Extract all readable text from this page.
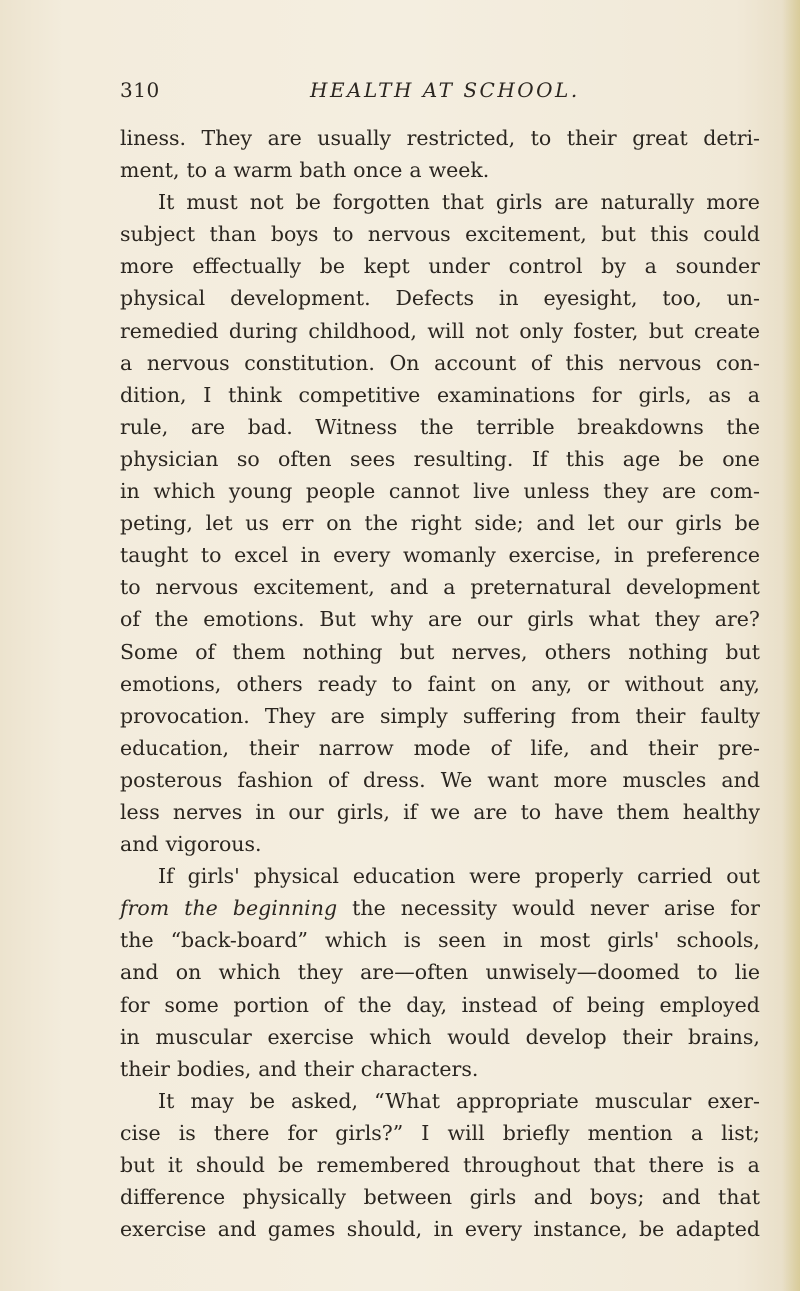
310	HEALTH AT SCHOOL.
liness. They are usually restricted, to their great detri-
ment, to a warm bath once a week.
It must not be forgotten that girls are naturally more
subject than boys to nervous excitement, but this could
more effectually be kept under control by a sounder
physical development. Defects in eyesight, too, un-
remedied during childhood, will not only foster, but create
a nervous constitution. On account of this nervous con-
dition, I think competitive examinations for girls, as a
rule, are bad. Witness the terrible breakdowns the
physician so often sees resulting. If this age be one
in which young people cannot live unless they are com-
peting, let us err on the right side; and let our girls be
taught to excel in every womanly exercise, in preference
to nervous excitement, and a preternatural development
of the emotions. But why are our girls what they are?
Some of them nothing but nerves, others nothing but
emotions, others ready to faint on any, or without any,
provocation. They are simply suffering from their faulty
education, their narrow mode of life, and their pre-
posterous fashion of dress. We want more muscles and
less nerves in our girls, if we are to have them healthy
and vigorous.
If girls' physical education were properly carried out
from the beginning the necessity would never arise for
the “back-board” which is seen in most girls' schools,
and on which they are—often unwisely—doomed to lie
for some portion of the day, instead of being employed
in muscular exercise which would develop their brains,
their bodies, and their characters.
It may be asked, “What appropriate muscular exer-
cise is there for girls?” I will briefly mention a list;
but it should be remembered throughout that there is a
difference physically between girls and boys; and that
exercise and games should, in every instance, be adapted
